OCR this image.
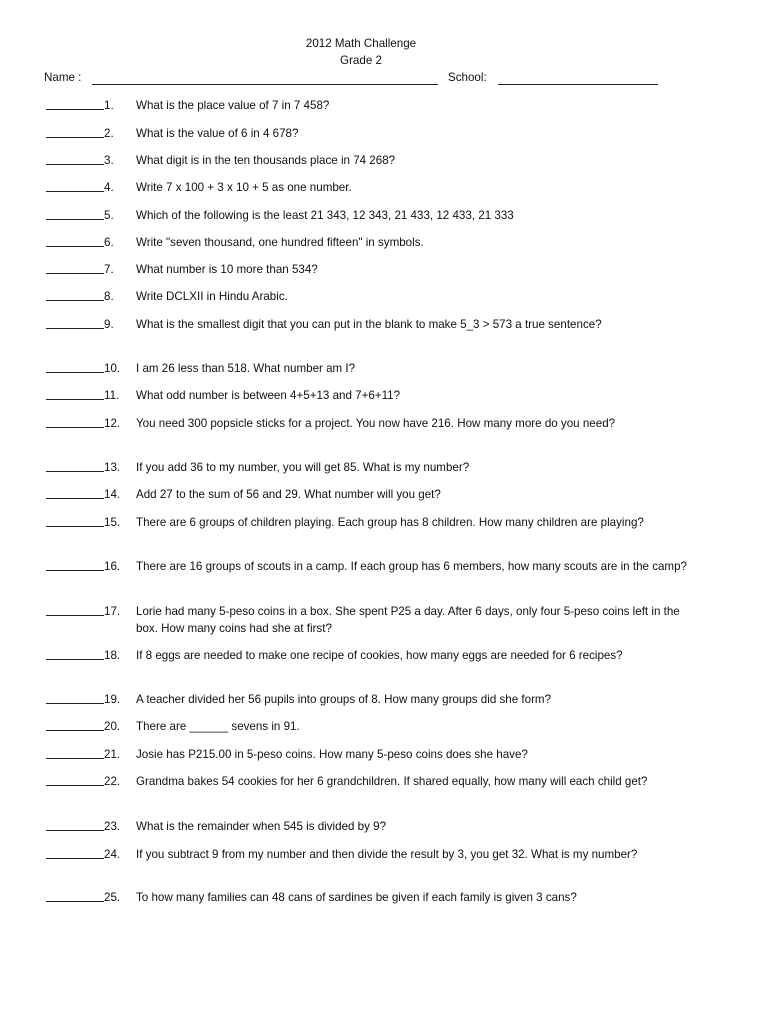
2012 Math Challenge
Grade 2
Name :	School:
1. What is the place value of 7 in 7 458?
2. What is the value of 6 in 4 678?
3. What digit is in the ten thousands place in 74 268?
4. Write 7 x 100 + 3 x 10 + 5 as one number.
5. Which of the following is the least 21 343, 12 343, 21 433, 12 433, 21 333
6. Write "seven thousand, one hundred fifteen" in symbols.
7. What number is 10 more than 534?
8. Write DCLXII in Hindu Arabic.
9. What is the smallest digit that you can put in the blank to make 5_3 > 573 a true sentence?
10. I am 26 less than 518. What number am I?
11. What odd number is between 4+5+13 and 7+6+11?
12. You need 300 popsicle sticks for a project. You now have 216. How many more do you need?
13. If you add 36 to my number, you will get 85. What is my number?
14. Add 27 to the sum of 56 and 29. What number will you get?
15. There are 6 groups of children playing. Each group has 8 children. How many children are playing?
16. There are 16 groups of scouts in a camp. If each group has 6 members, how many scouts are in the camp?
17. Lorie had many 5-peso coins in a box. She spent P25 a day. After 6 days, only four 5-peso coins left in the box. How many coins had she at first?
18. If 8 eggs are needed to make one recipe of cookies, how many eggs are needed for 6 recipes?
19. A teacher divided her 56 pupils into groups of 8. How many groups did she form?
20. There are ______ sevens in 91.
21. Josie has P215.00 in 5-peso coins. How many 5-peso coins does she have?
22. Grandma bakes 54 cookies for her 6 grandchildren. If shared equally, how many will each child get?
23. What is the remainder when 545 is divided by 9?
24. If you subtract 9 from my number and then divide the result by 3, you get 32. What is my number?
25. To how many families can 48 cans of sardines be given if each family is given 3 cans?
